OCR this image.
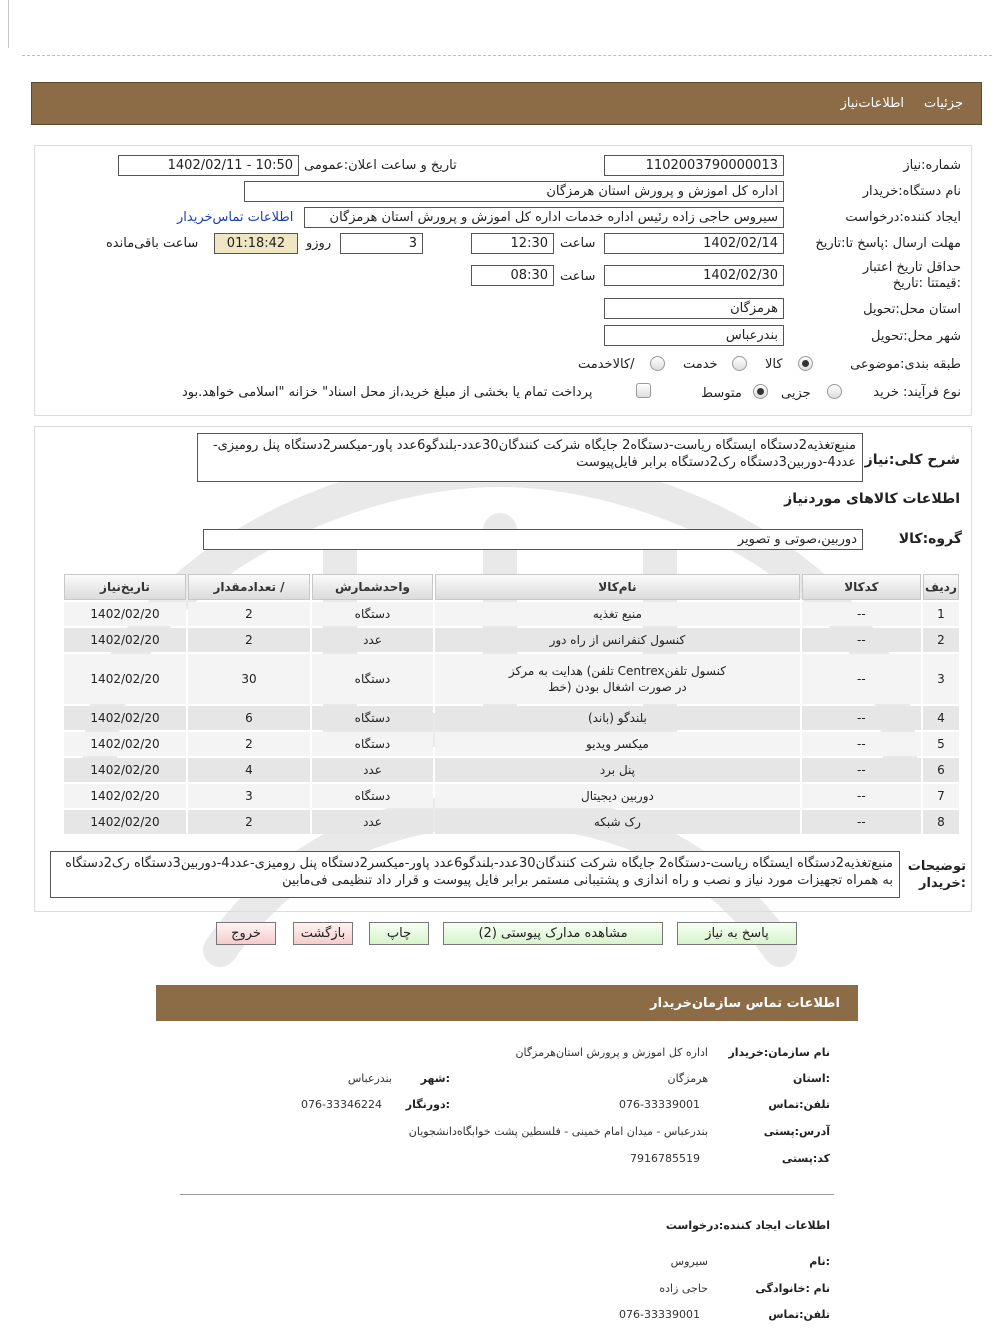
جزئیات
اطلاعات‌نیاز
شماره:نیاز
1102003790000013
تاریخ و ساعت اعلان:عمومی
1402/02/11 - 10:50
نام دستگاه:خریدار
اداره کل اموزش و پرورش استان هرمزگان
ایجاد کننده:درخواست
سیروس حاجی زاده رئیس اداره خدمات اداره کل اموزش و پرورش استان هرمزگان
اطلاعات تماس‌خریدار
مهلت ارسال :پاسخ تا:تاریخ
1402/02/14
ساعت
12:30
3
روزو
01:18:42
ساعت باقی‌مانده
حداقل تاریخ اعتبار :قیمتتا :تاریخ
1402/02/30
ساعت
08:30
استان محل:تحویل
هرمزگان
شهر محل:تحویل
بندرعباس
طبقه بندی:موضوعی
کالا
خدمت
/کالاخدمت
نوع فرآیند: خرید
جزیی
متوسط
پرداخت تمام یا بخشی از مبلغ خرید،از محل اسناد" خزانه "اسلامی خواهد.بود
شرح کلی:نیاز
منبع‌تغذیه2دستگاه ایستگاه ریاست-دستگاه2 جایگاه شرکت کنندگان30عدد-بلندگو6عدد پاور-میکسر2دستگاه پنل رومیزی-عدد4-دوربین3دستگاه رک2دستگاه برابر فایل‌پیوست
اطلاعات کالاهای موردنیاز
گروه:کالا
دوربین،صوتی و تصویر
ردیف	کدکالا	نام‌کالا	واحدشمارش	/ تعدادمقدار	تاریخ‌نیاز
1	--	منبع تغذیه	دستگاه	2	1402/02/20
2	--	کنسول کنفرانس از راه دور	عدد	2	1402/02/20
3	--	کنسول تلفنCentrex تلفن) هدایت به مرکز در صورت اشغال بودن (خط	دستگاه	30	1402/02/20
4	--	بلندگو (باند)	دستگاه	6	1402/02/20
5	--	میکسر ویدیو	دستگاه	2	1402/02/20
6	--	پنل برد	عدد	4	1402/02/20
7	--	دوربین دیجیتال	دستگاه	3	1402/02/20
8	--	رک شبکه	عدد	2	1402/02/20
توضیحات :خریدار
منبع‌تغذیه2دستگاه ایستگاه ریاست-دستگاه2 جایگاه شرکت کنندگان30عدد-بلندگو6عدد پاور-میکسر2دستگاه پنل رومیزی-عدد4-دوربین3دستگاه رک2دستگاه به همراه تجهیزات مورد نیاز و نصب و راه اندازی و پشتیبانی مستمر برابر فایل پیوست و قرار داد تنظیمی فی‌مابین
پاسخ به نیاز
مشاهده مدارک پیوستی (2)
چاپ
بازگشت
خروج
اطلاعات تماس سازمان‌خریدار
نام سازمان:خریدار
اداره کل اموزش و پرورش استان‌هرمزگان
:استان
هرمزگان
:شهر
بندرعباس
تلفن:تماس
076-33339001
:دورنگار
076-33346224
آدرس:پستی
بندرعباس - میدان امام خمینی - فلسطین پشت خوابگاه‌دانشجویان
کد:پستی
7916785519
اطلاعات ایجاد کننده:درخواست
:نام
سیروس
نام :خانوادگی
حاجی زاده
تلفن:تماس
076-33339001
